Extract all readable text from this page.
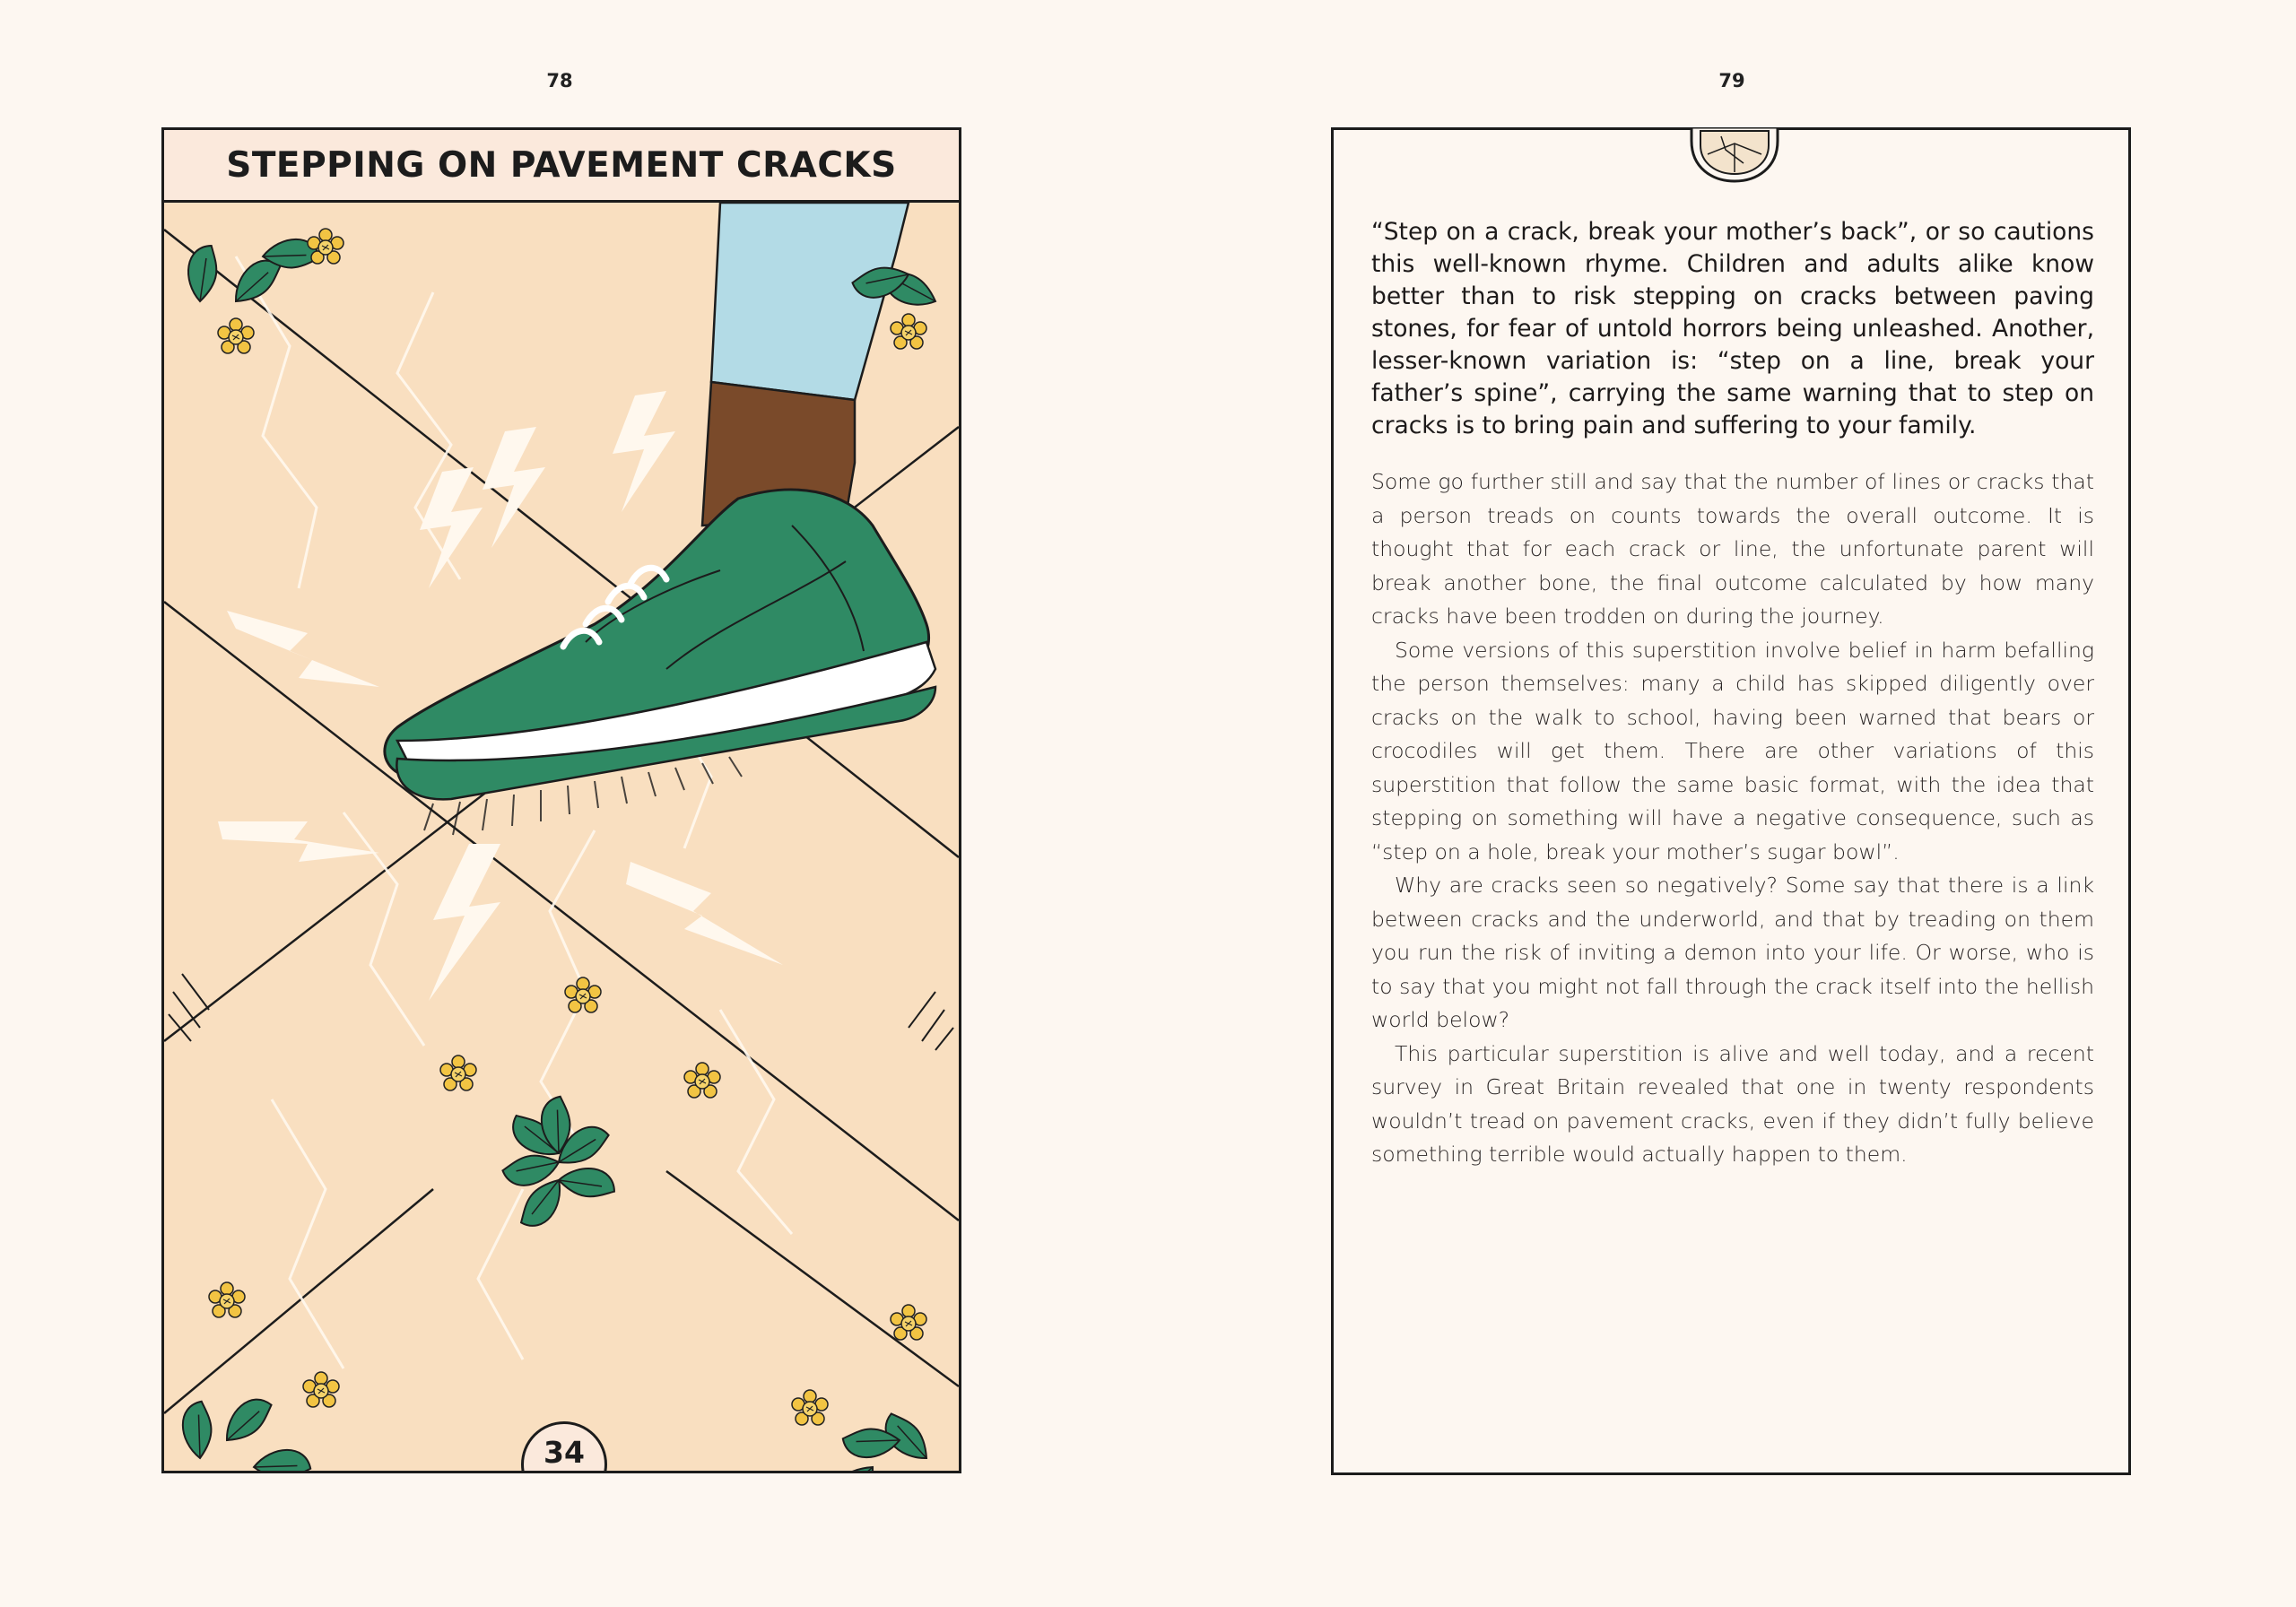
78	79
STEPPING ON PAVEMENT CRACKS
34

“Step on a crack, break your mother’s back”, or so cautions this well-known rhyme. Children and adults alike know better than to risk stepping on cracks between paving stones, for fear of untold horrors being unleashed. Another, lesser-known variation is: “step on a line, break your father’s spine”, carrying the same warning that to step on cracks is to bring pain and suffering to your family.

Some go further still and say that the number of lines or cracks that a person treads on counts towards the overall outcome. It is thought that for each crack or line, the unfortunate parent will break another bone, the final outcome calculated by how many cracks have been trodden on during the journey.

Some versions of this superstition involve belief in harm befalling the person themselves: many a child has skipped diligently over cracks on the walk to school, having been warned that bears or crocodiles will get them. There are other variations of this superstition that follow the same basic format, with the idea that stepping on something will have a negative consequence, such as “step on a hole, break your mother’s sugar bowl”.

Why are cracks seen so negatively? Some say that there is a link between cracks and the underworld, and that by treading on them you run the risk of inviting a demon into your life. Or worse, who is to say that you might not fall through the crack itself into the hellish world below?

This particular superstition is alive and well today, and a recent survey in Great Britain revealed that one in twenty respondents wouldn’t tread on pavement cracks, even if they didn’t fully believe something terrible would actually happen to them.
